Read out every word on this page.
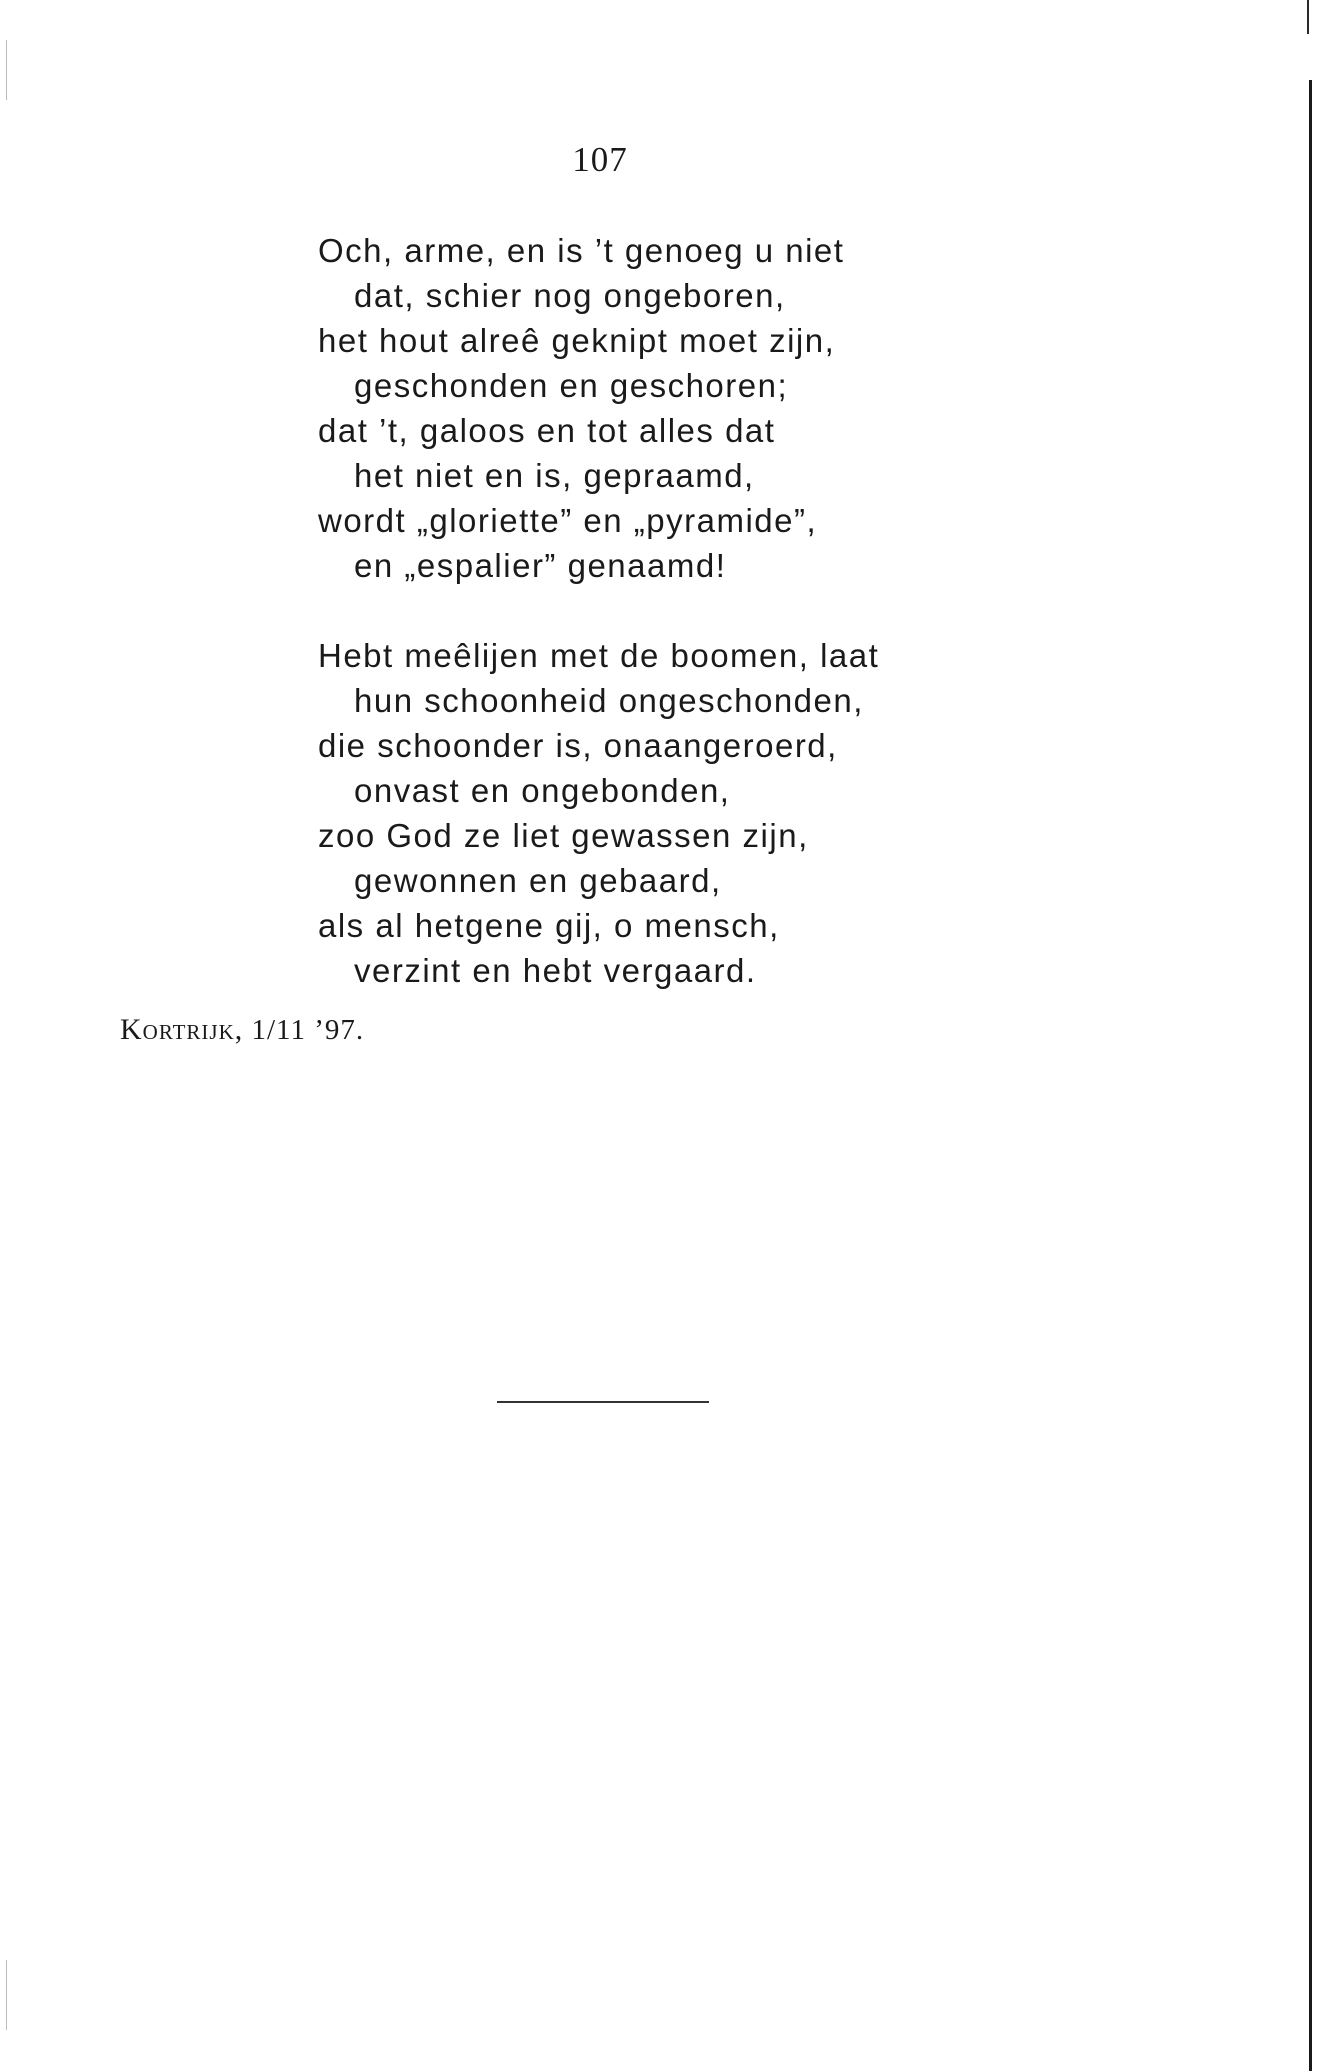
107
Och, arme, en is ’t genoeg u niet
dat, schier nog ongeboren,
het hout alreê geknipt moet zijn,
geschonden en geschoren;
dat ’t, galoos en tot alles dat
het niet en is, gepraamd,
wordt „gloriette” en „pyramide”,
en „espalier” genaamd!
Hebt meêlijen met de boomen, laat
hun schoonheid ongeschonden,
die schoonder is, onaangeroerd,
onvast en ongebonden,
zoo God ze liet gewassen zijn,
gewonnen en gebaard,
als al hetgene gij, o mensch,
verzint en hebt vergaard.
Kortrijk, 1/11 ’97.
